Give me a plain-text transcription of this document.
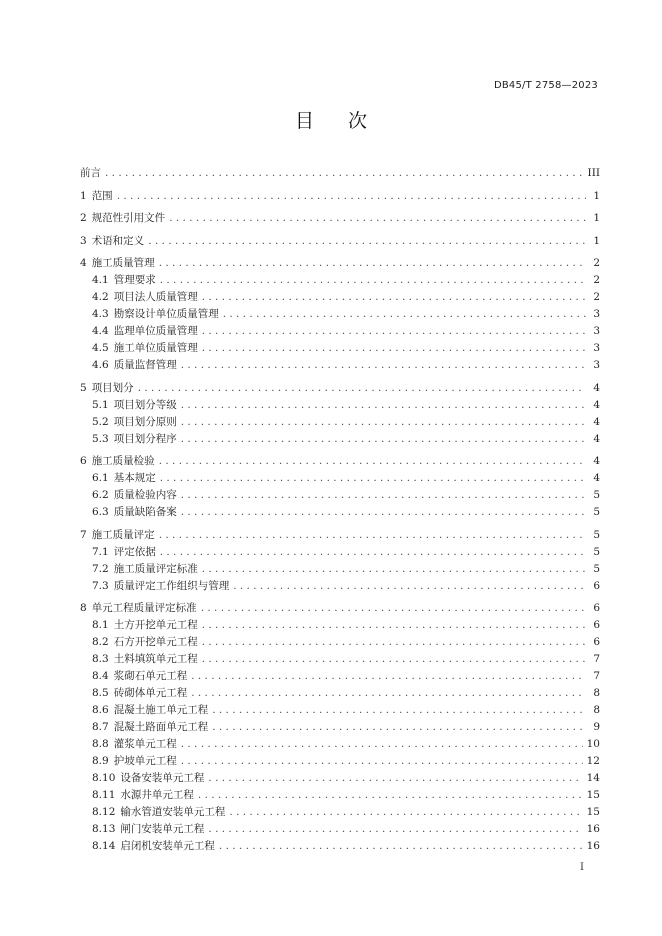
DB45/T 2758—2023
目 次
前言 . . .	III
1 范围 . . .	1
2 规范性引用文件 . . .	1
3 术语和定义 . . .	1
4 施工质量管理 . . .	2
4.1 管理要求 . . .	2
4.2 项目法人质量管理 . . .	2
4.3 勘察设计单位质量管理 . . .	3
4.4 监理单位质量管理 . . .	3
4.5 施工单位质量管理 . . .	3
4.6 质量监督管理 . . .	3
5 项目划分 . . .	4
5.1 项目划分等级 . . .	4
5.2 项目划分原则 . . .	4
5.3 项目划分程序 . . .	4
6 施工质量检验 . . .	4
6.1 基本规定 . . .	4
6.2 质量检验内容 . . .	5
6.3 质量缺陷备案 . . .	5
7 施工质量评定 . . .	5
7.1 评定依据 . . .	5
7.2 施工质量评定标准 . . .	5
7.3 质量评定工作组织与管理 . . .	6
8 单元工程质量评定标准 . . .	6
8.1 土方开挖单元工程 . . .	6
8.2 石方开挖单元工程 . . .	6
8.3 土料填筑单元工程 . . .	7
8.4 浆砌石单元工程 . . .	7
8.5 砖砌体单元工程 . . .	8
8.6 混凝土施工单元工程 . . .	8
8.7 混凝土路面单元工程 . . .	9
8.8 灌浆单元工程 . . .	10
8.9 护坡单元工程 . . .	12
8.10 设备安装单元工程 . . .	14
8.11 水源井单元工程 . . .	15
8.12 输水管道安装单元工程 . . .	15
8.13 闸门安装单元工程 . . .	16
8.14 启闭机安装单元工程 . . .	16
I
